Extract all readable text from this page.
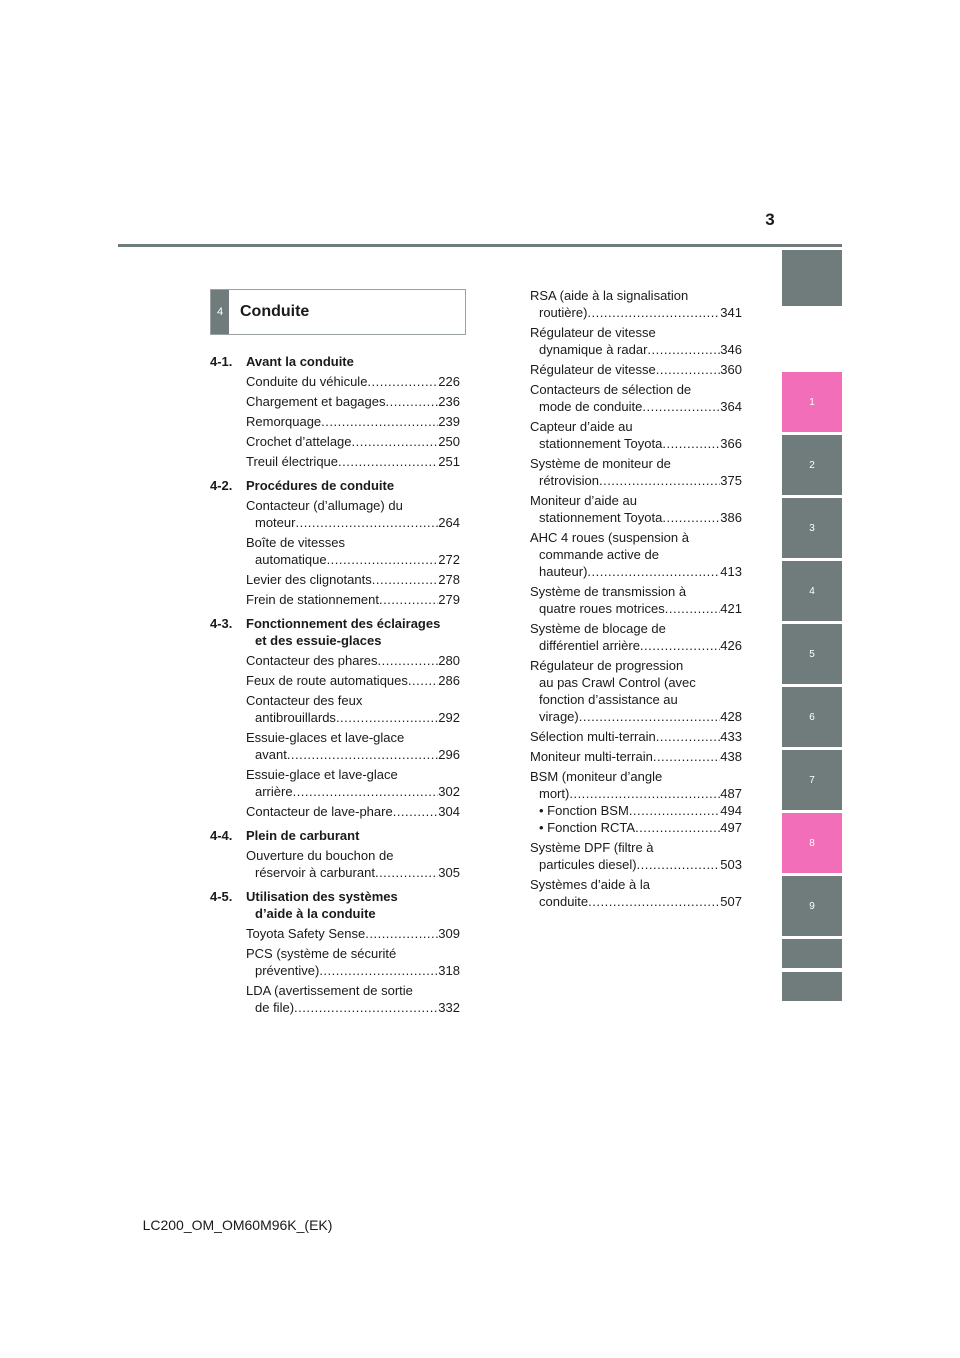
3
1
2
3
4
5
6
7
8
9
4	Conduite
4-1. Avant la conduite
Conduite du véhicule .....	226
Chargement et bagages .....	236
Remorquage .....	239
Crochet d’attelage .....	250
Treuil électrique .....	251
4-2. Procédures de conduite
Contacteur (d’allumage) du
moteur .....	264
Boîte de vitesses
automatique .....	272
Levier des clignotants .....	278
Frein de stationnement .....	279
4-3. Fonctionnement des éclairages
et des essuie-glaces
Contacteur des phares .....	280
Feux de route automatiques ..... 286
Contacteur des feux
antibrouillards .....	292
Essuie-glaces et lave-glace
avant .....	296
Essuie-glace et lave-glace
arrière .....	302
Contacteur de lave-phare .....	304
4-4. Plein de carburant
Ouverture du bouchon de
réservoir à carburant .....	305
4-5. Utilisation des systèmes
d’aide à la conduite
Toyota Safety Sense .....	309
PCS (système de sécurité
préventive) .....	318
LDA (avertissement de sortie
de file) .....	332
RSA (aide à la signalisation
routière) .....	341
Régulateur de vitesse
dynamique à radar .....	346
Régulateur de vitesse .....	360
Contacteurs de sélection de
mode de conduite .....	364
Capteur d’aide au
stationnement Toyota .....	366
Système de moniteur de
rétrovision .....	375
Moniteur d’aide au
stationnement Toyota .....	386
AHC 4 roues (suspension à
commande active de
hauteur) .....	413
Système de transmission à
quatre roues motrices .....	421
Système de blocage de
différentiel arrière .....	426
Régulateur de progression
au pas Crawl Control (avec
fonction d’assistance au
virage) .....	428
Sélection multi-terrain .....	433
Moniteur multi-terrain .....	438
BSM (moniteur d’angle
mort) .....	487
• Fonction BSM .....	494
• Fonction RCTA .....	497
Système DPF (filtre à
particules diesel) .....	503
Systèmes d’aide à la
conduite .....	507
LC200_OM_OM60M96K_(EK)
